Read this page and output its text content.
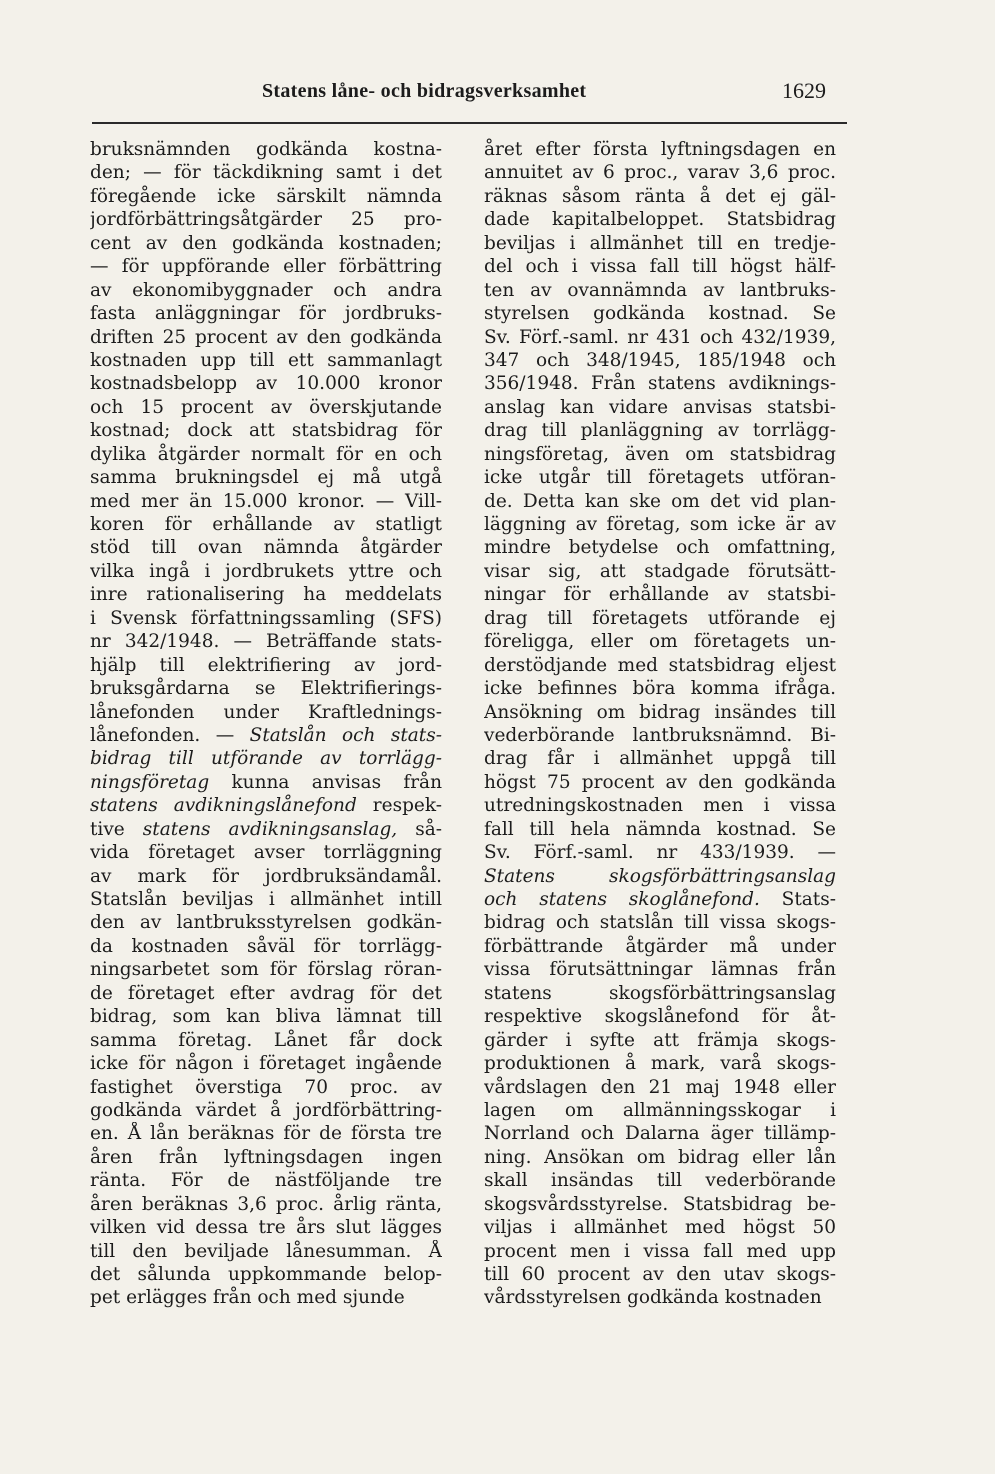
Statens låne- och bidragsverksamhet	1629
bruksnämnden godkända kostna-
den; — för täckdikning samt i det
föregående icke särskilt nämnda
jordförbättringsåtgärder 25 pro-
cent av den godkända kostnaden;
— för uppförande eller förbättring
av ekonomibyggnader och andra
fasta anläggningar för jordbruks-
driften 25 procent av den godkända
kostnaden upp till ett sammanlagt
kostnadsbelopp av 10.000 kronor
och 15 procent av överskjutande
kostnad; dock att statsbidrag för
dylika åtgärder normalt för en och
samma brukningsdel ej må utgå
med mer än 15.000 kronor. — Vill-
koren för erhållande av statligt
stöd till ovan nämnda åtgärder
vilka ingå i jordbrukets yttre och
inre rationalisering ha meddelats
i Svensk författningssamling (SFS)
nr 342/1948. — Beträffande stats-
hjälp till elektrifiering av jord-
bruksgårdarna se Elektrifierings-
lånefonden under Kraftlednings-
lånefonden. — Statslån och stats-
bidrag till utförande av torrlägg-
ningsföretag kunna anvisas från
statens avdikningslånefond respek-
tive statens avdikningsanslag, så-
vida företaget avser torrläggning
av mark för jordbruksändamål.
Statslån beviljas i allmänhet intill
den av lantbruksstyrelsen godkän-
da kostnaden såväl för torrlägg-
ningsarbetet som för förslag röran-
de företaget efter avdrag för det
bidrag, som kan bliva lämnat till
samma företag. Lånet får dock
icke för någon i företaget ingående
fastighet överstiga 70 proc. av
godkända värdet å jordförbättring-
en. Å lån beräknas för de första tre
åren från lyftningsdagen ingen
ränta. För de nästföljande tre
åren beräknas 3,6 proc. årlig ränta,
vilken vid dessa tre års slut lägges
till den beviljade lånesumman. Å
det sålunda uppkommande belop-
pet erlägges från och med sjunde
året efter första lyftningsdagen en
annuitet av 6 proc., varav 3,6 proc.
räknas såsom ränta å det ej gäl-
dade kapitalbeloppet. Statsbidrag
beviljas i allmänhet till en tredje-
del och i vissa fall till högst hälf-
ten av ovannämnda av lantbruks-
styrelsen godkända kostnad. Se
Sv. Förf.-saml. nr 431 och 432/1939,
347 och 348/1945, 185/1948 och
356/1948. Från statens avdiknings-
anslag kan vidare anvisas statsbi-
drag till planläggning av torrlägg-
ningsföretag, även om statsbidrag
icke utgår till företagets utföran-
de. Detta kan ske om det vid plan-
läggning av företag, som icke är av
mindre betydelse och omfattning,
visar sig, att stadgade förutsätt-
ningar för erhållande av statsbi-
drag till företagets utförande ej
föreligga, eller om företagets un-
derstödjande med statsbidrag eljest
icke befinnes böra komma ifråga.
Ansökning om bidrag insändes till
vederbörande lantbruksnämnd. Bi-
drag får i allmänhet uppgå till
högst 75 procent av den godkända
utredningskostnaden men i vissa
fall till hela nämnda kostnad. Se
Sv. Förf.-saml. nr 433/1939. —
Statens skogsförbättringsanslag
och statens skoglånefond. Stats-
bidrag och statslån till vissa skogs-
förbättrande åtgärder må under
vissa förutsättningar lämnas från
statens skogsförbättringsanslag
respektive skogslånefond för åt-
gärder i syfte att främja skogs-
produktionen å mark, varå skogs-
vårdslagen den 21 maj 1948 eller
lagen om allmänningsskogar i
Norrland och Dalarna äger tillämp-
ning. Ansökan om bidrag eller lån
skall insändas till vederbörande
skogsvårdsstyrelse. Statsbidrag be-
viljas i allmänhet med högst 50
procent men i vissa fall med upp
till 60 procent av den utav skogs-
vårdsstyrelsen godkända kostnaden
